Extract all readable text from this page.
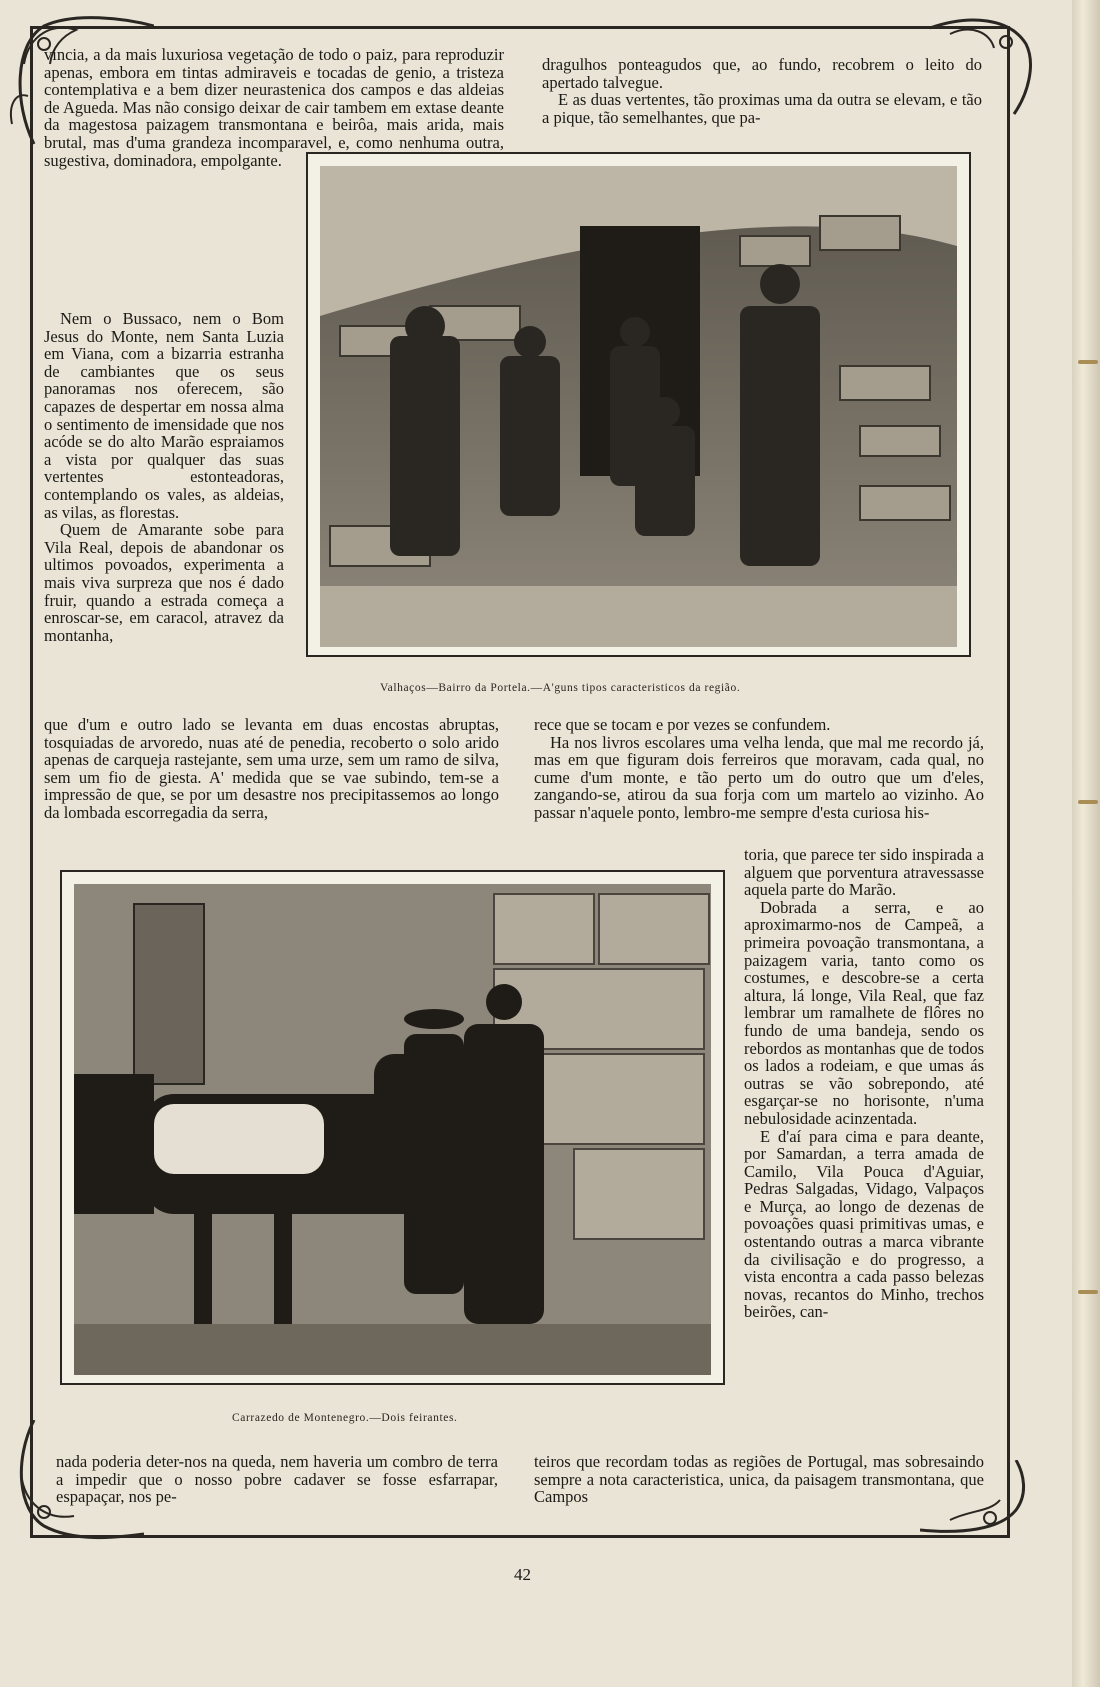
vincia, a da mais luxuriosa vegetação de todo o paiz, para reproduzir apenas, embora em tintas admiraveis e tocadas de genio, a tristeza contemplativa e a bem dizer neurastenica dos campos e das aldeias de Agueda. Mas não consigo deixar de cair tambem em extase deante da magestosa paizagem transmontana e beirôa, mais arida, mais brutal, mas d'uma grandeza incomparavel, e, como nenhuma outra, sugestiva, dominadora, empolgante.

Valhaços—Bairro da Portela.—A'guns tipos caracteristicos da região.

Nem o Bussaco, nem o Bom Jesus do Monte, nem Santa Luzia em Viana, com a bizarria estranha de cambiantes que os seus panoramas nos oferecem, são capazes de despertar em nossa alma o sentimento de imensidade que nos acóde se do alto Marão espraiamos a vista por qualquer das suas vertentes estonteadoras, contemplando os vales, as aldeias, as vilas, as florestas.

Quem de Amarante sobe para Vila Real, depois de abandonar os ultimos povoados, experimenta a mais viva surpreza que nos é dado fruir, quando a estrada começa a enroscar-se, em caracol, atravez da montanha,

que d'um e outro lado se levanta em duas encostas abruptas, tosquiadas de arvoredo, nuas até de penedia, recoberto o solo arido apenas de carqueja rastejante, sem uma urze, sem um ramo de silva, sem um fio de giesta. A' medida que se vae subindo, tem-se a impressão de que, se por um desastre nos precipitassemos ao longo da lombada escorregadia da serra,

dragulhos ponteagudos que, ao fundo, recobrem o leito do apertado talvegue.

E as duas vertentes, tão proximas uma da outra se elevam, e tão a pique, tão semelhantes, que pa-

rece que se tocam e por vezes se confundem.

Ha nos livros escolares uma velha lenda, que mal me recordo já, mas em que figuram dois ferreiros que moravam, cada qual, no cume d'um monte, e tão perto um do outro que um d'eles, zangando-se, atirou da sua forja com um martelo ao vizinho. Ao passar n'aquele ponto, lembro-me sempre d'esta curiosa his-

Carrazedo de Montenegro.—Dois feirantes.

toria, que parece ter sido inspirada a alguem que porventura atravessasse aquela parte do Marão.

Dobrada a serra, e ao aproximarmo-nos de Campeã, a primeira povoação transmontana, a paizagem varia, tanto como os costumes, e descobre-se a certa altura, lá longe, Vila Real, que faz lembrar um ramalhete de flôres no fundo de uma bandeja, sendo os rebordos as montanhas que de todos os lados a rodeiam, e que umas ás outras se vão sobrepondo, até esgarçar-se no horisonte, n'uma nebulosidade acinzentada.

E d'aí para cima e para deante, por Samardan, a terra amada de Camilo, Vila Pouca d'Aguiar, Pedras Salgadas, Vidago, Valpaços e Murça, ao longo de dezenas de povoações quasi primitivas umas, e ostentando outras a marca vibrante da civilisação e do progresso, a vista encontra a cada passo belezas novas, recantos do Minho, trechos beirões, can-

nada poderia deter-nos na queda, nem haveria um combro de terra a impedir que o nosso pobre cadaver se fosse esfarrapar, espapaçar, nos pe-

teiros que recordam todas as regiões de Portugal, mas sobresaindo sempre a nota caracteristica, unica, da paisagem transmontana, que Campos

42
